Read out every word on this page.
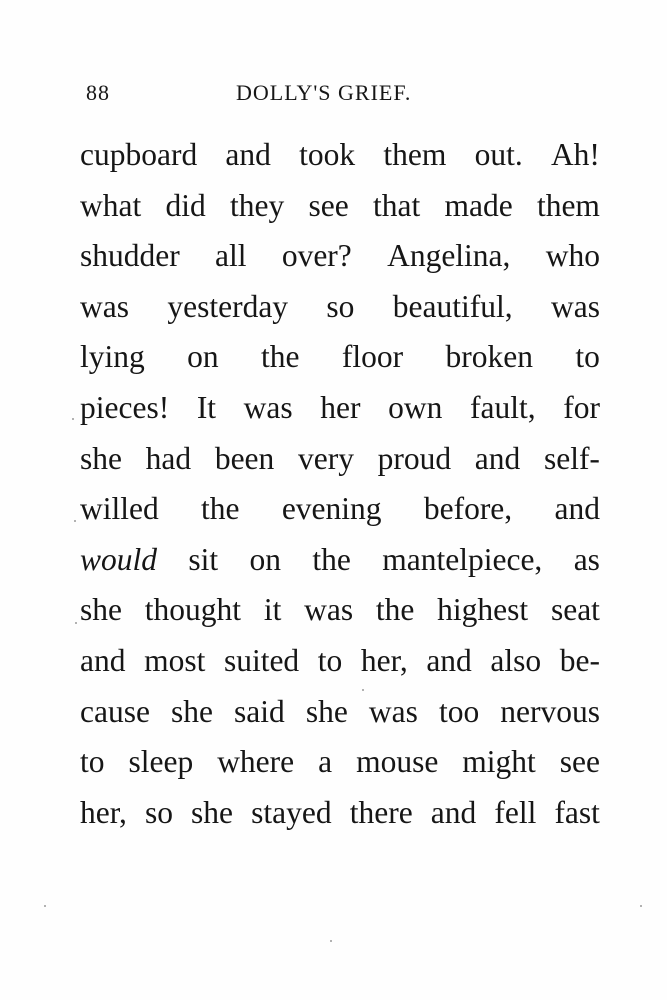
88	DOLLY'S GRIEF.
cupboard and took them out. Ah!
what did they see that made them
shudder all over? Angelina, who
was yesterday so beautiful, was
lying on the floor broken to
pieces! It was her own fault, for
she had been very proud and self-
willed the evening before, and
would sit on the mantelpiece, as
she thought it was the highest seat
and most suited to her, and also be-
cause she said she was too nervous
to sleep where a mouse might see
her, so she stayed there and fell fast
